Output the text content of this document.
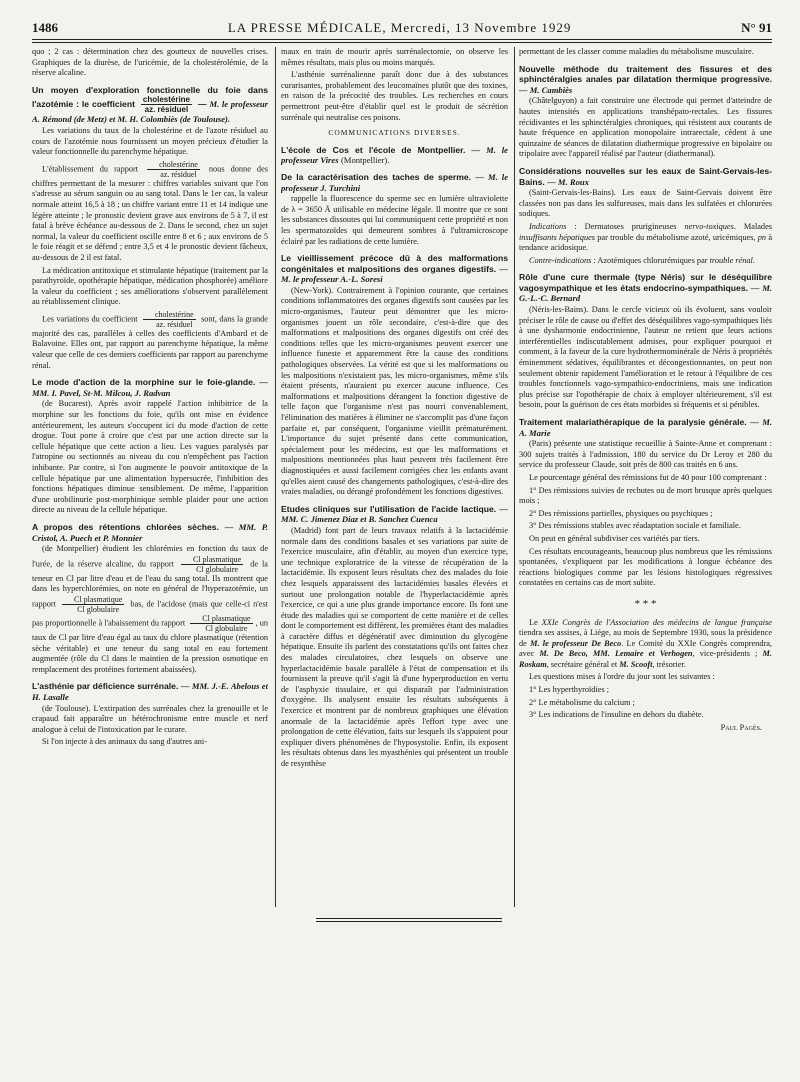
1486	LA PRESSE MÉDICALE, Mercredi, 13 Novembre 1929	N° 91

quo ; 2 cas : détermination chez des goutteux de nouvelles crises. Graphiques de la diurèse, de l'uricémie, de la cholestérolémie, de la réserve alcaline.

Un moyen d'exploration fonctionnelle du foie dans l'azotémie : le coefficient $\frac{\text{cholestérine}}{\text{az. résiduel}}$ — M. le professeur A. Rémond (de Metz) et M. H. Colombiès (de Toulouse).

Les variations du taux de la cholestérine et de l'azote résiduel au cours de l'azotémie nous fournissent un moyen précieux d'étudier la valeur fonctionnelle du parenchyme hépatique.

L'établissement du rapport $\frac{\text{cholestérine}}{\text{az. résiduel}}$ nous donne des chiffres permettant de la mesurer : chiffres variables suivant que l'on s'adresse au sérum sanguin ou au sang total. Dans le 1er cas, la valeur normale atteint 16,5 à 18 ; un chiffre variant entre 11 et 14 indique une légère atteinte ; le pronostic devient grave aux environs de 5 à 7, il est fatal à brève échéance au-dessous de 2. Dans le second, chez un sujet normal, la valeur du coefficient oscille entre 8 et 6 ; aux environs de 5 le foie réagit et se défend ; entre 3,5 et 4 le pronostic devient fâcheux, au-dessous de 2 il est fatal.

La médication antitoxique et stimulante hépatique (traitement par la parathyroïde, opothérapie hépatique, médication phosphorée) améliore la valeur du coefficient ; ses améliorations s'observent parallèlement au rétablissement clinique.

Les variations du coefficient $\frac{\text{cholestérine}}{\text{az. résiduel}}$ sont, dans la grande majorité des cas, parallèles à celles des coefficients d'Ambard et de Balavoine. Elles ont, par rapport au parenchyme hépatique, la même valeur que celle de ces derniers coefficients par rapport au parenchyme rénal.

Le mode d'action de la morphine sur le foie-glande. — MM. I. Pavel, St-M. Milcou, J. Radvan

(de Bucarest). Après avoir rappelé l'action inhibitrice de la morphine sur les fonctions du foie, qu'ils ont mise en évidence antérieurement, les auteurs s'occupent ici du mode d'action de cette drogue. Tout porte à croire que c'est par une action directe sur la cellule hépatique que cette action a lieu. Les vagues paralysés par l'atropine ou sectionnés au niveau du cou n'empêchent pas l'action inhibante. Par contre, si l'on augmente le pouvoir antitoxique de la cellule hépatique par une alimentation hypersucrée, l'inhibition des fonctions hépatiques diminue sensiblement. De même, l'apparition d'une urobilinurie post-morphinique semble plaider pour une action directe au niveau de la cellule hépatique.

A propos des rétentions chlorées sèches. — MM. P. Cristol, A. Puech et P. Monnier

(de Montpellier) étudient les chlorémies en fonction du taux de l'urée, de la réserve alcaline, du rapport $\frac{\text{Cl plasmatique}}{\text{Cl globulaire}}$ de la teneur en Cl par litre d'eau et de l'eau du sang total. Ils montrent que dans les hyperchlorémies, on note en général de l'hyperazotémie, un rapport $\frac{\text{Cl plasmatique}}{\text{Cl globulaire}}$ bas, de l'acidose (mais que celle-ci n'est pas proportionnelle à l'abaissement du rapport $\frac{\text{Cl plasmatique}}{\text{Cl globulaire}}$ , un taux de Cl par litre d'eau égal au taux du chlore plasmatique (rétention sèche véritable) et une teneur du sang total en eau fortement augmentée (rôle du Cl dans le maintien de la pression osmotique en remplacement des protéines fortement abaissées).

L'asthénie par déficience surrénale. — MM. J.-E. Abelous et H. Lasalle

(de Toulouse). L'extirpation des surrénales chez la grenouille et le crapaud fait apparaître un hétérochronisme entre muscle et nerf analogue à celui de l'intoxication par le curare.

Si l'on injecte à des animaux du sang d'autres ani-

maux en train de mourir après surrénalectomie, on observe les mêmes résultats, mais plus ou moins marqués.

L'asthénie surrénalienne paraît donc due à des substances curarisantes, probablement des leucomaïnes plutôt que des toxines, en raison de la précocité des troubles. Les recherches en cours permettront peut-être d'établir quel est le produit de sécrétion surrénale qui neutralise ces poisons.

COMMUNICATIONS DIVERSES.

L'école de Cos et l'école de Montpellier. — M. le professeur Vires (Montpellier).
De la caractérisation des taches de sperme. — M. le professeur J. Turchini

rappelle la fluorescence du sperme sec en lumière ultraviolette de λ = 3650 Å utilisable en médecine légale. Il montre que ce sont les substances dissoutes qui lui communiquent cette propriété et non les spermatozoïdes qui demeurent sombres à l'ultramicroscope éclairé par les radiations de cette lumière.

Le vieillissement précoce dû à des malformations congénitales et malpositions des organes digestifs. — M. le professeur A.-L. Soresi

(New-York). Contrairement à l'opinion courante, que certaines conditions inflammatoires des organes digestifs sont causées par les micro-organismes, l'auteur peut démontrer que les micro-organismes jouent un rôle secondaire, c'est-à-dire que des malformations et malpositions des organes digestifs ont créé des conditions telles que les micro-organismes peuvent exercer une influence funeste et apparemment être la cause des conditions pathologiques observées. La vérité est que si les malformations ou les malpositions n'existaient pas, les micro-organismes, même s'ils étaient présents, n'auraient pu exercer aucune influence. Ces malformations et malpositions dérangent la fonction digestive de telle façon que l'organisme n'est pas nourri convenablement, l'élimination des matières à éliminer ne s'accomplit pas d'une façon parfaite et, par conséquent, l'organisme vieillit prématurément. L'importance du sujet présenté dans cette communication, spécialement pour les médecins, est que les malformations et malpositions mentionnées plus haut peuvent très facilement être diagnostiquées et aussi facilement corrigées chez les enfants avant qu'elles aient causé des changements pathologiques, c'est-à-dire des vraies maladies, ou dérangé profondément les fonctions digestives.

Etudes cliniques sur l'utilisation de l'acide lactique. — MM. C. Jimenez Diaz et B. Sanchez Cuenca

(Madrid) font part de leurs travaux relatifs à la lactacidémie normale dans des conditions basales et ses variations par suite de l'exercice musculaire, afin d'établir, au moyen d'un exercice type, une technique exploratrice de la vitesse de récupération de la lactacidémie. Ils exposent leurs résultats chez des malades du foie chez lesquels apparaissent des lactacidémies basales élevées et surtout une prolongation notable de l'hyperlactacidémie après l'exercice, ce qui a une plus grande importance encore. Ils font une étude des maladies qui se comportent de cette manière et de celles dont le comportement est différent, les premières étant des maladies à caractère diffus et dégénératif avec diminution du glycogène hépatique. Ensuite ils parlent des constatations qu'ils ont faites chez des malades circulatoires, chez lesquels on observe une hyperlactacidémie basale parallèle à l'état de compensation et ils fournissent la preuve qu'il s'agit là d'une hyperproduction en vertu de l'asphyxie tissulaire, et qui disparaît par l'administration d'oxygène. Ils analysent ensuite les résultats subséquents à l'exercice et montrent par de nombreux graphiques une élévation anormale de la lactacidémie après l'effort type avec une prolongation de cette élévation, faits sur lesquels ils s'appuient pour expliquer divers phénomènes de l'hyposystolie. Enfin, ils exposent les résultats obtenus dans les myasthénies qui présentent un trouble de resynthèse

permettant de les classer comme maladies du métabolisme musculaire.

Nouvelle méthode du traitement des fissures et des sphinctéralgies anales par dilatation thermique progressive. — M. Cambiès

(Châtelguyon) a fait construire une électrode qui permet d'atteindre de hautes intensités en applications transhépato-rectales. Les fissures récidivantes et les sphinctéralgies chroniques, qui résistent aux courants de haute fréquence en application monopolaire intrarectale, cèdent à une quinzaine de séances de dilatation diathermique progressive en bipolaire ou tripolaire avec l'appareil réalisé par l'auteur (diathermanal).

Considérations nouvelles sur les eaux de Saint-Gervais-les-Bains. — M. Roux

(Saint-Gervais-les-Bains). Les eaux de Saint-Gervais doivent être classées non pas dans les sulfureuses, mais dans les sulfatées et chlorurées sodiques.

Indications : Dermatoses prurigineuses nervo-toxiques. Malades insuffisants hépatiques par trouble du métabolisme azoté, uricémiques, pn à tendance acidosique.

Contre-indications : Azotémiques chlorurémiques par trouble rénal.

Rôle d'une cure thermale (type Néris) sur le déséquilibre vagosympathique et les états endocrino-sympathiques. — M. G.-L.-C. Bernard

(Néris-les-Bains). Dans le cercle vicieux où ils évoluent, sans vouloir préciser le rôle de cause ou d'effet des déséquilibres vago-sympathiques liés à une dysharmonie endocrinienne, l'auteur ne retient que leurs actions interférentielles indiscutablement admises, pour expliquer pourquoi et comment, à la faveur de la cure hydrothermominérale de Néris à propriétés éminemment sédatives, équilibrantes et décongestionnantes, on peut non seulement obtenir rapidement l'amélioration et le retour à l'équilibre de ces troubles fonctionnels vago-sympathico-endocriniens, mais une indication plus précise sur l'opothérapie de choix à employer ultérieurement, s'il est besoin, pour la guérison de ces états morbides si fréquents et si pénibles.

Traitement malariathérapique de la paralysie générale. — M. A. Marie

(Paris) présente une statistique recueillie à Sainte-Anne et comprenant : 300 sujets traités à l'admission, 180 du service du Dr Leroy et 280 du service du professeur Claude, soit près de 800 cas traités en 6 ans.

Le pourcentage général des rémissions fut de 40 pour 100 comprenant :

1° Des rémissions suivies de rechutes ou de mort brusque après quelques mois ;

2° Des rémissions partielles, physiques ou psychiques ;

3° Des rémissions stables avec réadaptation sociale et familiale.

On peut en général subdiviser ces variétés par tiers.

Ces résultats encourageants, beaucoup plus nombreux que les rémissions spontanées, s'expliquent par les modifications à longue échéance des réactions biologiques comme par les lésions histologiques régressives constatées en certains cas de mort subite.

* * *

Le XXIe Congrès de l'Association des médecins de langue française tiendra ses assises, à Liége, au mois de Septembre 1930, sous la présidence de M. le professeur De Beco. Le Comité du XXIe Congrès comprendra, avec M. De Beco, MM. Lemaire et Verhogen, vice-présidents ; M. Roskam, secrétaire général et M. Scooft, trésorier.

Les questions mises à l'ordre du jour sont les suivantes :

1° Les hyperthyroïdies ;

2° Le métabolisme du calcium ;

3° Les indications de l'insuline en dehors du diabète.

Paul Pagès.
